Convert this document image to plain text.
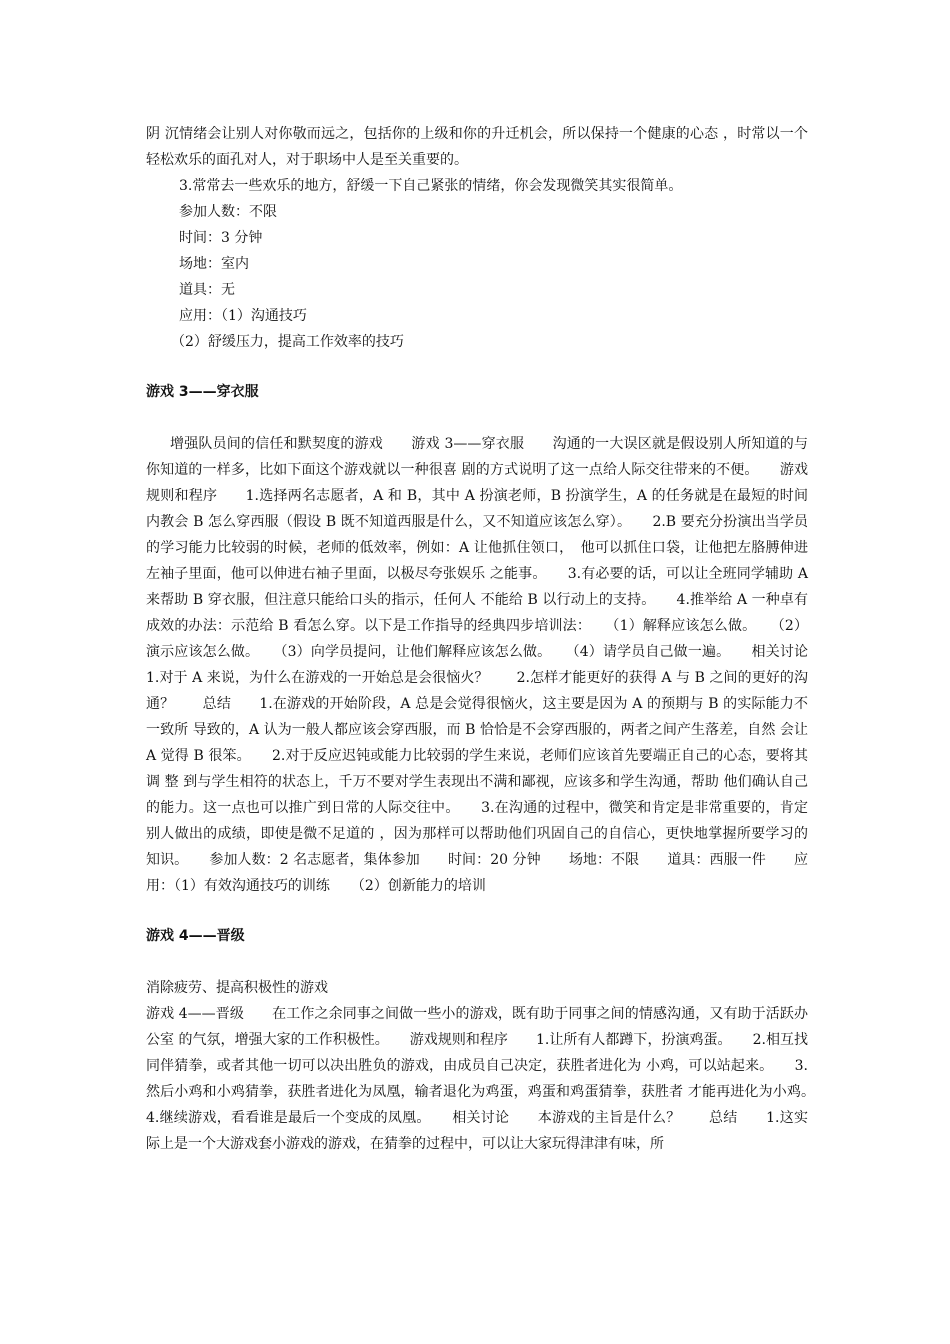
阴 沉情绪会让别人对你敬而远之，包括你的上级和你的升迁机会，所以保持一个健康的心态 ，时常以一个轻松欢乐的面孔对人，对于职场中人是至关重要的。

3.常常去一些欢乐的地方，舒缓一下自己紧张的情绪，你会发现微笑其实很简单。

参加人数：不限

时间：3 分钟

场地：室内

道具：无

应用：（1）沟通技巧

（2）舒缓压力，提高工作效率的技巧

游戏 3——穿衣服

增强队员间的信任和默契度的游戏　　游戏 3——穿衣服　　沟通的一大误区就是假设别人所知道的与你知道的一样多，比如下面这个游戏就以一种很喜 剧的方式说明了这一点给人际交往带来的不便。　　游戏规则和程序　　1.选择两名志愿者，A 和 B，其中 A 扮演老师，B 扮演学生，A 的任务就是在最短的时间内教会 B 怎么穿西服（假设 B 既不知道西服是什么，又不知道应该怎么穿）。　　2.B 要充分扮演出当学员的学习能力比较弱的时候，老师的低效率，例如：A 让他抓住领口，　他可以抓住口袋，让他把左胳膊伸进左袖子里面，他可以伸进右袖子里面，以极尽夸张娱乐 之能事。　　3.有必要的话，可以让全班同学辅助 A 来帮助 B 穿衣服，但注意只能给口头的指示，任何人 不能给 B 以行动上的支持。　　4.推举给 A 一种卓有成效的办法：示范给 B 看怎么穿。以下是工作指导的经典四步培训法：　　（1）解释应该怎么做。　　（2）演示应该怎么做。　　（3）向学员提问，让他们解释应该怎么做。　　（4）请学员自己做一遍。　　相关讨论　　1.对于 A 来说，为什么在游戏的一开始总是会很恼火？　　2.怎样才能更好的获得 A 与 B 之间的更好的沟通？　　总结　　1.在游戏的开始阶段，A 总是会觉得很恼火，这主要是因为 A 的预期与 B 的实际能力不一致所 导致的，A 认为一般人都应该会穿西服，而 B 恰恰是不会穿西服的，两者之间产生落差，自然 会让 A 觉得 B 很笨。　　2.对于反应迟钝或能力比较弱的学生来说，老师们应该首先要端正自己的心态，要将其调 整 到与学生相符的状态上，千万不要对学生表现出不满和鄙视，应该多和学生沟通，帮助 他们确认自己的能力。这一点也可以推广到日常的人际交往中。　　3.在沟通的过程中，微笑和肯定是非常重要的，肯定别人做出的成绩，即使是微不足道的 ，因为那样可以帮助他们巩固自己的自信心，更快地掌握所要学习的知识。　　参加人数：2 名志愿者，集体参加　　时间：20 分钟　　场地：不限　　道具：西服一件　　应用：（1）有效沟通技巧的训练　　（2）创新能力的培训

游戏 4——晋级

消除疲劳、提高积极性的游戏

游戏 4——晋级　　在工作之余同事之间做一些小的游戏，既有助于同事之间的情感沟通，又有助于活跃办公室 的气氛，增强大家的工作积极性。　　游戏规则和程序　　1.让所有人都蹲下，扮演鸡蛋。　　2.相互找同伴猜拳，或者其他一切可以决出胜负的游戏，由成员自己决定，获胜者进化为 小鸡，可以站起来。　　3.然后小鸡和小鸡猜拳，获胜者进化为凤凰，输者退化为鸡蛋，鸡蛋和鸡蛋猜拳，获胜者 才能再进化为小鸡。　　4.继续游戏，看看谁是最后一个变成的凤凰。　　相关讨论　　本游戏的主旨是什么？　　总结　　1.这实际上是一个大游戏套小游戏的游戏，在猜拳的过程中，可以让大家玩得津津有味，所
